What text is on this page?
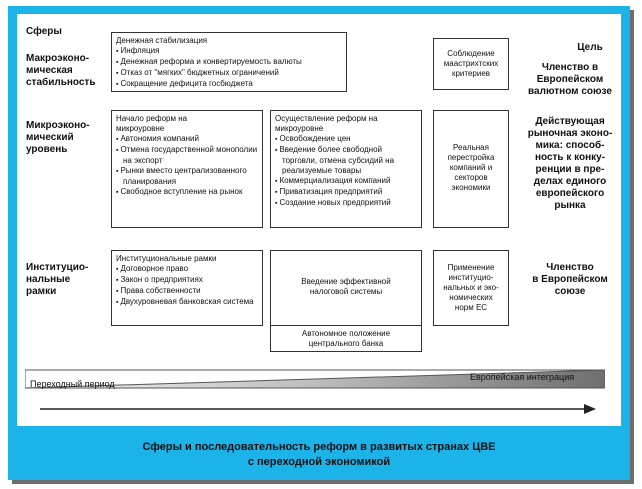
Сферы
Цель
Макроэконо-
мическая
стабильность
Денежная стабилизация
▪ Инфляция
▪ Денежная реформа и конвертируемость валюты
▪ Отказ от "мягких" бюджетных ограничений
▪ Сокращение дефицита госбюджета
Соблюдение
маастрихтских
критериев
Членство в
Европейском
валютном союзе
Микроэконо-
мический
уровень
Начало реформ на
микроуровне
▪ Автономия компаний
▪ Отмена государственной монополии на экспорт
▪ Рынки вместо централизованного планирования
▪ Свободное вступление на рынок
Осуществление реформ на
микроуровне
▪ Освобождение цен
▪ Введение более свободной торговли, отмена субсидий на реализуемые товары
▪ Коммерциализация компаний
▪ Приватизация предприятий
▪ Создание новых предприятий
Реальная
перестройка
компаний и
секторов
экономики
Действующая
рыночная эконо-
мика: способ-
ность к конку-
ренции в пре-
делах единого
европейского
рынка
Институцио-
нальные
рамки
Институциональные рамки
▪ Договорное право
▪ Закон о предприятиях
▪ Права собственности
▪ Двухуровневая банковская система
Введение эффективной
налоговой системы
Автономное положение
центрального банка
Применение
институцио-
нальных и эко-
номических
норм ЕС
Членство
в Европейском
союзе
Переходный период
Европейская интеграция
Сферы и последовательность реформ в развитых странах ЦВЕ
с переходной экономикой
